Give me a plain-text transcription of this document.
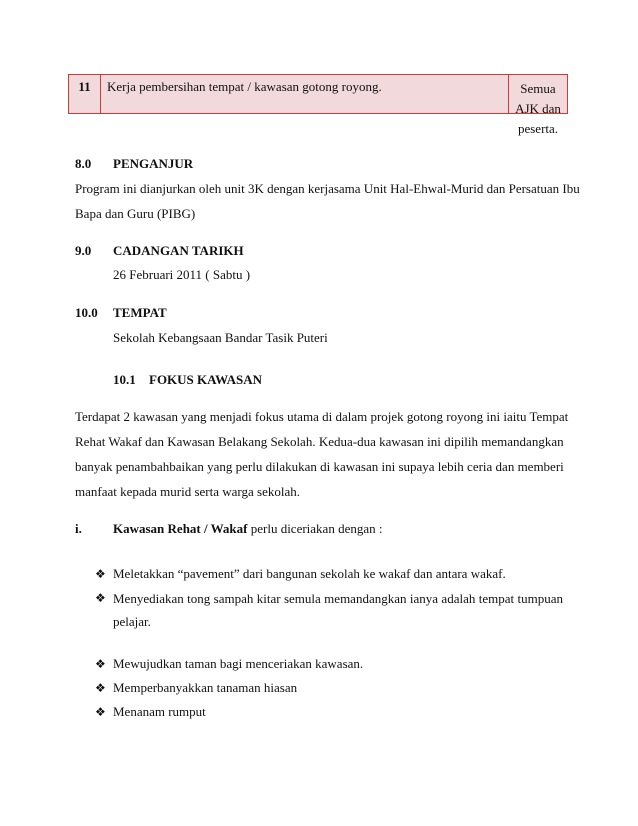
11	Kerja pembersihan tempat / kawasan gotong royong.	Semua AJK dan
peserta.
8.0 PENGANJUR
Program ini dianjurkan oleh unit 3K dengan kerjasama Unit Hal-Ehwal-Murid dan Persatuan Ibu
Bapa dan Guru (PIBG)
9.0 CADANGAN TARIKH
26 Februari 2011 ( Sabtu )
10.0 TEMPAT
Sekolah Kebangsaan Bandar Tasik Puteri
10.1 FOKUS KAWASAN
Terdapat 2 kawasan yang menjadi fokus utama di dalam projek gotong royong ini iaitu Tempat
Rehat Wakaf dan Kawasan Belakang Sekolah. Kedua-dua kawasan ini dipilih memandangkan
banyak penambahbaikan yang perlu dilakukan di kawasan ini supaya lebih ceria dan memberi
manfaat kepada murid serta warga sekolah.
i. Kawasan Rehat / Wakaf perlu diceriakan dengan :
❖ Meletakkan “pavement” dari bangunan sekolah ke wakaf dan antara wakaf.
❖ Menyediakan tong sampah kitar semula memandangkan ianya adalah tempat tumpuan
pelajar.
❖ Mewujudkan taman bagi menceriakan kawasan.
❖ Memperbanyakkan tanaman hiasan
❖ Menanam rumput
